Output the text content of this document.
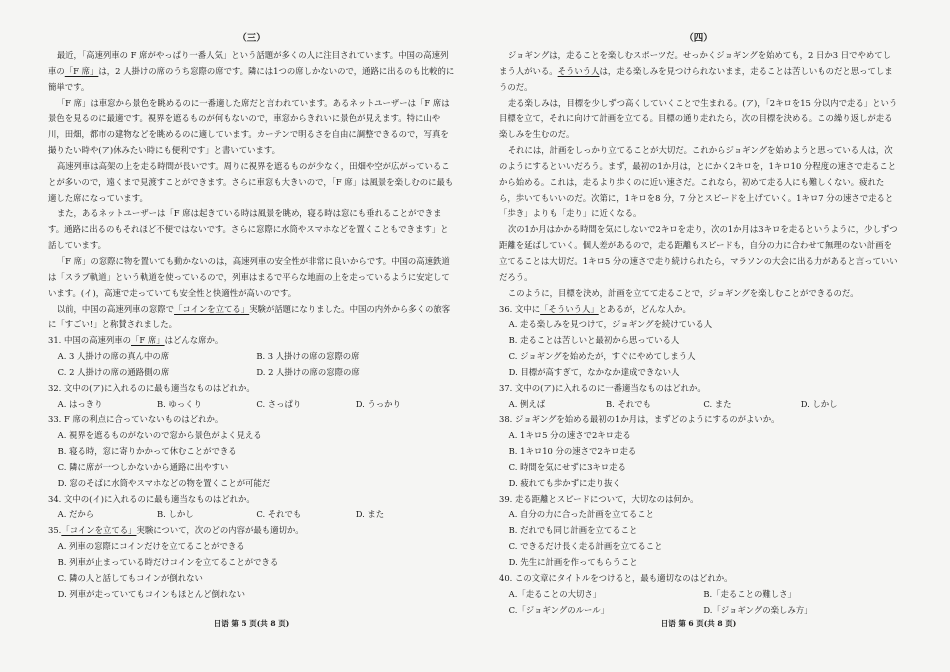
（三）

最近，「高速列車の F 席がやっぱり一番人気」という話題が多くの人に注目されています。中国の高速列車の「F 席」は，2 人掛けの席のうち窓際の席です。隣には1つの席しかないので，通路に出るのも比較的に簡単です。

「F 席」は車窓から景色を眺めるのに一番適した席だと言われています。あるネットユーザーは「F 席は景色を見るのに最適です。視界を遮るものが何もないので，車窓からきれいに景色が見えます。特に山や川，田畑，都市の建物などを眺めるのに適しています。カーテンで明るさを自由に調整できるので，写真を撮りたい時や(ア)休みたい時にも便利です」と書いています。

高速列車は高架の上を走る時間が長いです。周りに視界を遮るものが少なく，田畑や空が広がっていることが多いので，遠くまで見渡すことができます。さらに車窓も大きいので，「F 席」は風景を楽しむのに最も適した席になっています。

また，あるネットユーザーは「F 席は起きている時は風景を眺め，寝る時は窓にも垂れることができます。通路に出るのもそれほど不便ではないです。さらに窓際に水筒やスマホなどを置くこともできます」と話しています。

「F 席」の窓際に物を置いても動かないのは，高速列車の安全性が非常に良いからです。中国の高速鉄道は「スラブ軌道」という軌道を使っているので，列車はまるで平らな地面の上を走っているように安定しています。(イ)，高速で走っていても安全性と快適性が高いのです。

以前，中国の高速列車の窓際で「コインを立てる」実験が話題になりました。中国の内外から多くの旅客に「すごい!」と称賛されました。

31. 中国の高速列車の「F 席」はどんな席か。

A. 3 人掛けの席の真ん中の席	B. 3 人掛けの席の窓際の席
C. 2 人掛けの席の通路側の席	D. 2 人掛けの席の窓際の席

32. 文中の(ア)に入れるのに最も適当なものはどれか。

A. はっきり	B. ゆっくり	C. さっぱり	D. うっかり

33. F 席の利点に合っていないものはどれか。

A. 視界を遮るものがないので窓から景色がよく見える

B. 寝る時，窓に寄りかかって休むことができる

C. 隣に席が一つしかないから通路に出やすい

D. 窓のそばに水筒やスマホなどの物を置くことが可能だ

34. 文中の(イ)に入れるのに最も適当なものはどれか。

A. だから	B. しかし	C. それでも	D. また

35.「コインを立てる」実験について，次のどの内容が最も適切か。

A. 列車の窓際にコインだけを立てることができる

B. 列車が止まっている時だけコインを立てることができる

C. 隣の人と話してもコインが倒れない

D. 列車が走っていてもコインもほとんど倒れない

日语 第 5 页(共 8 页)
（四）

ジョギングは，走ることを楽しむスポーツだ。せっかくジョギングを始めても，2 日か3 日でやめてしまう人がいる。そういう人は，走る楽しみを見つけられないまま，走ることは苦しいものだと思ってしまうのだ。

走る楽しみは，目標を少しずつ高くしていくことで生まれる。(ア)，「2キロを15 分以内で走る」という目標を立て，それに向けて計画を立てる。目標の通り走れたら，次の目標を決める。この繰り返しが走る楽しみを生むのだ。

それには，計画をしっかり立てることが大切だ。これからジョギングを始めようと思っている人は，次のようにするといいだろう。まず，最初の1か月は，とにかく2キロを，1キロ10 分程度の速さで走ることから始める。これは，走るより歩くのに近い速さだ。これなら，初めて走る人にも難しくない。疲れたら，歩いてもいいのだ。次第に，1キロを8 分，7 分とスピードを上げていく。1キロ7 分の速さで走ると「歩き」よりも「走り」に近くなる。

次の1か月はかかる時間を気にしないで2キロを走り，次の1か月は3キロを走るというように，少しずつ距離を延ばしていく。個人差があるので，走る距離もスピードも，自分の力に合わせて無理のない計画を立てることは大切だ。1キロ5 分の速さで走り続けられたら，マラソンの大会に出る力があると言っていいだろう。

このように，目標を決め，計画を立てて走ることで，ジョギングを楽しむことができるのだ。

36. 文中に「そういう人」とあるが，どんな人か。

A. 走る楽しみを見つけて，ジョギングを続けている人

B. 走ることは苦しいと最初から思っている人

C. ジョギングを始めたが，すぐにやめてしまう人

D. 目標が高すぎて，なかなか達成できない人

37. 文中の(ア)に入れるのに一番適当なものはどれか。

A. 例えば	B. それでも	C. また	D. しかし

38. ジョギングを始める最初の1か月は，まずどのようにするのがよいか。

A. 1キロ5 分の速さで2キロ走る

B. 1キロ10 分の速さで2キロ走る

C. 時間を気にせずに3キロ走る

D. 疲れても歩かずに走り抜く

39. 走る距離とスピードについて，大切なのは何か。

A. 自分の力に合った計画を立てること

B. だれでも同じ計画を立てること

C. できるだけ長く走る計画を立てること

D. 先生に計画を作ってもらうこと

40. この文章にタイトルをつけると，最も適切なのはどれか。

A.「走ることの大切さ」	B.「走ることの難しさ」
C.「ジョギングのルール」	D.「ジョギングの楽しみ方」
日语 第 6 页(共 8 页)
